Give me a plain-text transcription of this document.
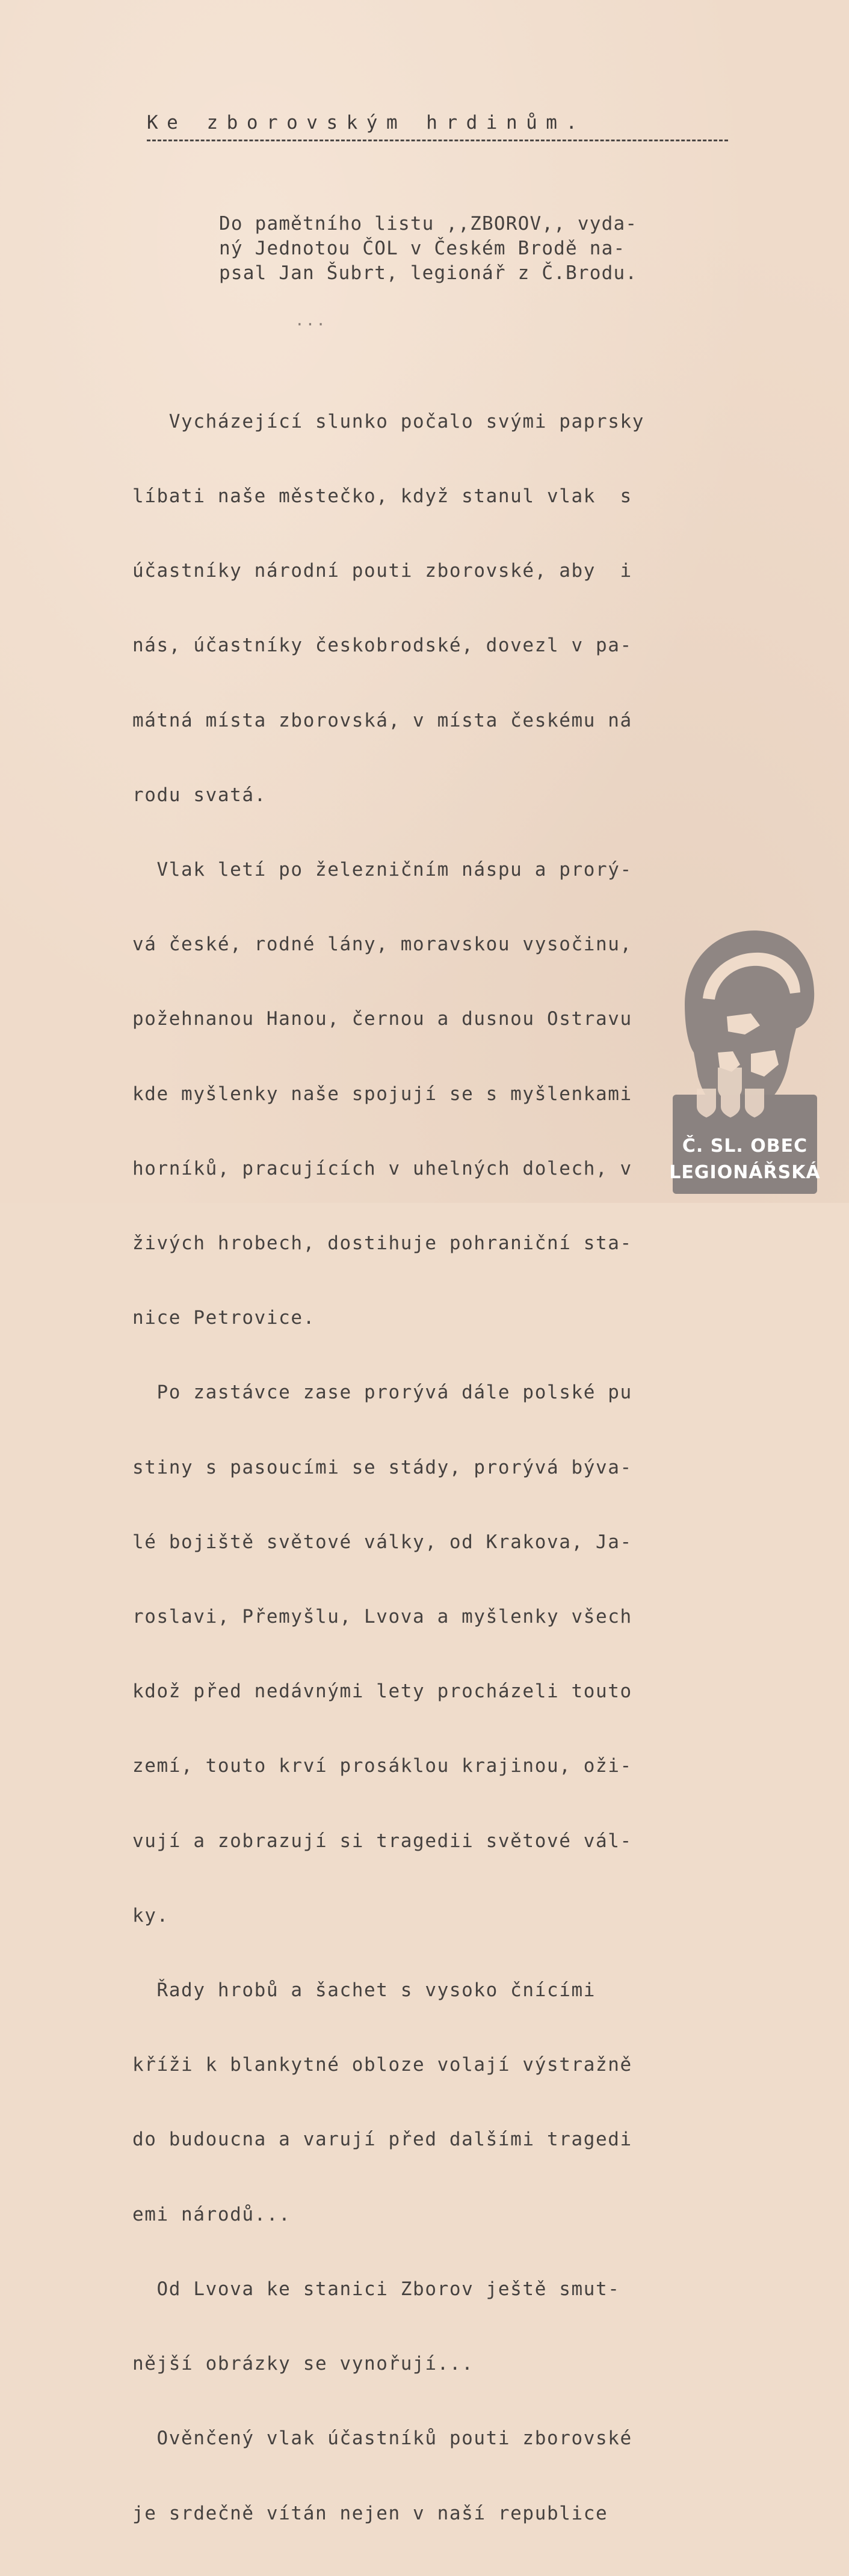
Ke zborovským hrdinům.
Do pamětního listu ,,ZBOROV,, vyda-
ný Jednotou ČOL v Českém Brodě na-
psal Jan Šubrt, legionář z Č.Brodu.
...

Vycházející slunko počalo svými paprsky

líbati naše městečko, když stanul vlak  s

účastníky národní pouti zborovské, aby  i

nás, účastníky českobrodské, dovezl v pa-

mátná místa zborovská, v místa českému ná

rodu svatá.

Vlak letí po železničním náspu a prorý-

vá české, rodné lány, moravskou vysočinu,

požehnanou Hanou, černou a dusnou Ostravu

kde myšlenky naše spojují se s myšlenkami

horníků, pracujících v uhelných dolech, v

živých hrobech, dostihuje pohraniční sta-

nice Petrovice.

Po zastávce zase prorývá dále polské pu

stiny s pasoucími se stády, prorývá býva-

lé bojiště světové války, od Krakova, Ja-

roslavi, Přemyšlu, Lvova a myšlenky všech

kdož před nedávnými lety procházeli touto

zemí, touto krví prosáklou krajinou, oži-

vují a zobrazují si tragedii světové vál-

ky.

Řady hrobů a šachet s vysoko čnícími

kříži k blankytné obloze volají výstražně

do budoucna a varují před dalšími tragedi

emi národů...

Od Lvova ke stanici Zborov ještě smut-

nější obrázky se vynořují...

Ověnčený vlak účastníků pouti zborovské

je srdečně vítán nejen v naší republice

Č. SL. OBEC
LEGIONÁŘSKÁ
